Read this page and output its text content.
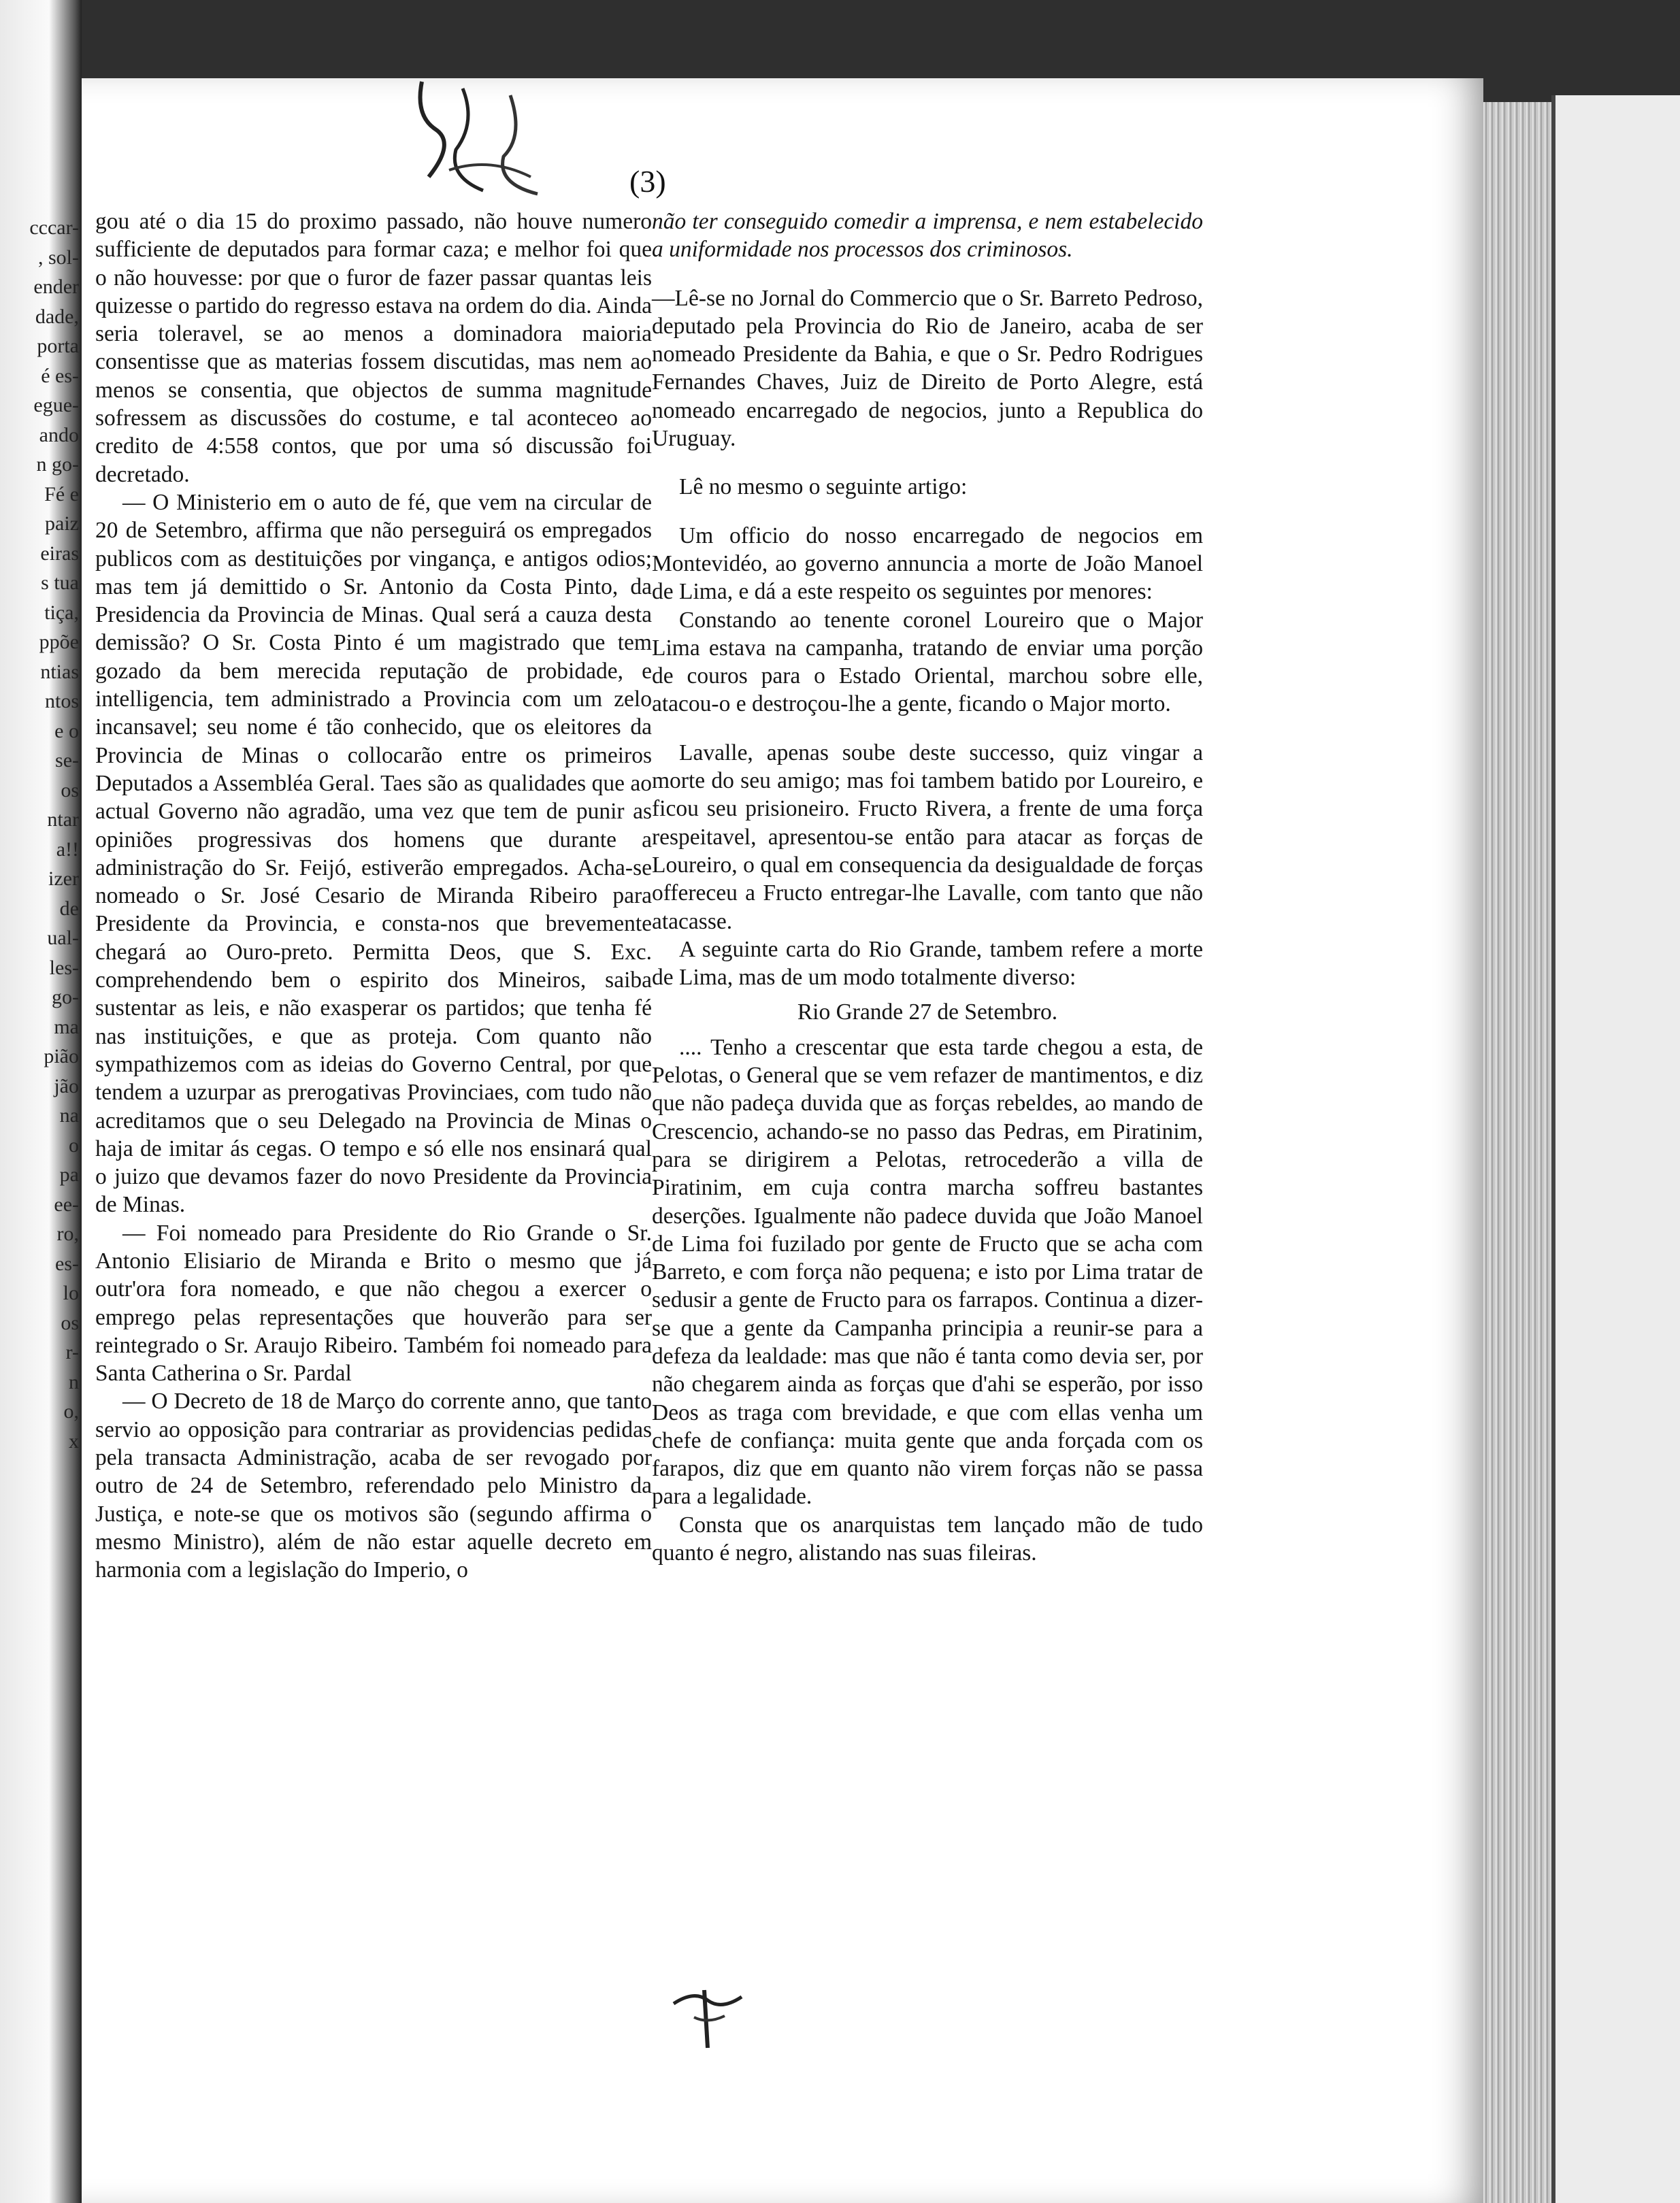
cccar-
, sol-
ender
dade,
porta
é es-
egue-
ando
n go-
Fé e
paiz
eiras
s tua
tiça,
ppõe
ntias
ntos
e o
se-
os
ntar
a!!
izer
de
ual-
les-
go-
ma
pião
jão
na
o
pa
ee-
ro,
es-
lo
os
r-
n
o,
x

(3)

gou até o dia 15 do proximo passado, não houve numero sufficiente de deputados para formar caza; e melhor foi que o não houvesse: por que o furor de fazer passar quantas leis quizesse o partido do regresso estava na ordem do dia. Ainda seria toleravel, se ao menos a dominadora maioria consentisse que as materias fossem discutidas, mas nem ao menos se consentia, que objectos de summa magnitude sofressem as discussões do costume, e tal aconteceo ao credito de 4:558 contos, que por uma só discussão foi decretado.

— O Ministerio em o auto de fé, que vem na circular de 20 de Setembro, affirma que não perseguirá os empregados publicos com as destituições por vingança, e antigos odios; mas tem já demittido o Sr. Antonio da Costa Pinto, da Presidencia da Provincia de Minas. Qual será a cauza desta demissão? O Sr. Costa Pinto é um magistrado que tem gozado da bem merecida reputação de probidade, e intelligencia, tem administrado a Provincia com um zelo incansavel; seu nome é tão conhecido, que os eleitores da Provincia de Minas o collocarão entre os primeiros Deputados a Assembléa Geral. Taes são as qualidades que ao actual Governo não agradão, uma vez que tem de punir as opiniões progressivas dos homens que durante a administração do Sr. Feijó, estiverão empregados. Acha-se nomeado o Sr. José Cesario de Miranda Ribeiro para Presidente da Provincia, e consta-nos que brevemente chegará ao Ouro-preto. Permitta Deos, que S. Exc. comprehendendo bem o espirito dos Mineiros, saiba sustentar as leis, e não exasperar os partidos; que tenha fé nas instituições, e que as proteja. Com quanto não sympathizemos com as ideias do Governo Central, por que tendem a uzurpar as prerogativas Provinciaes, com tudo não acreditamos que o seu Delegado na Provincia de Minas o haja de imitar ás cegas. O tempo e só elle nos ensinará qual o juizo que devamos fazer do novo Presidente da Provincia de Minas.

— Foi nomeado para Presidente do Rio Grande o Sr. Antonio Elisiario de Miranda e Brito o mesmo que já outr'ora fora nomeado, e que não chegou a exercer o emprego pelas representações que houverão para ser reintegrado o Sr. Araujo Ribeiro. Também foi nomeado para Santa Catherina o Sr. Pardal

— O Decreto de 18 de Março do corrente anno, que tanto servio ao opposição para contrariar as providencias pedidas pela transacta Administração, acaba de ser revogado por outro de 24 de Setembro, referendado pelo Ministro da Justiça, e note-se que os motivos são (segundo affirma o mesmo Ministro), além de não estar aquelle decreto em harmonia com a legislação do Imperio, o

não ter conseguido comedir a imprensa, e nem estabelecido a uniformidade nos processos dos criminosos.

—Lê-se no Jornal do Commercio que o Sr. Barreto Pedroso, deputado pela Provincia do Rio de Janeiro, acaba de ser nomeado Presidente da Bahia, e que o Sr. Pedro Rodrigues Fernandes Chaves, Juiz de Direito de Porto Alegre, está nomeado encarregado de negocios, junto a Republica do Uruguay.

Lê no mesmo o seguinte artigo:

Um officio do nosso encarregado de negocios em Montevidéo, ao governo annuncia a morte de João Manoel de Lima, e dá a este respeito os seguintes por menores:

Constando ao tenente coronel Loureiro que o Major Lima estava na campanha, tratando de enviar uma porção de couros para o Estado Oriental, marchou sobre elle, atacou-o e destroçou-lhe a gente, ficando o Major morto.

Lavalle, apenas soube deste successo, quiz vingar a morte do seu amigo; mas foi tambem batido por Loureiro, e ficou seu prisioneiro. Fructo Rivera, a frente de uma força respeitavel, apresentou-se então para atacar as forças de Loureiro, o qual em consequencia da desigualdade de forças offereceu a Fructo entregar-lhe Lavalle, com tanto que não atacasse.

A seguinte carta do Rio Grande, tambem refere a morte de Lima, mas de um modo totalmente diverso:

Rio Grande 27 de Setembro.

.... Tenho a crescentar que esta tarde chegou a esta, de Pelotas, o General que se vem refazer de mantimentos, e diz que não padeça duvida que as forças rebeldes, ao mando de Crescencio, achando-se no passo das Pedras, em Piratinim, para se dirigirem a Pelotas, retrocederão a villa de Piratinim, em cuja contra marcha soffreu bastantes deserções. Igualmente não padece duvida que João Manoel de Lima foi fuzilado por gente de Fructo que se acha com Barreto, e com força não pequena; e isto por Lima tratar de sedusir a gente de Fructo para os farrapos. Continua a dizer-se que a gente da Campanha principia a reunir-se para a defeza da lealdade: mas que não é tanta como devia ser, por não chegarem ainda as forças que d'ahi se esperão, por isso Deos as traga com brevidade, e que com ellas venha um chefe de confiança: muita gente que anda forçada com os farapos, diz que em quanto não virem forças não se passa para a legalidade.

Consta que os anarquistas tem lançado mão de tudo quanto é negro, alistando nas suas fileiras.
